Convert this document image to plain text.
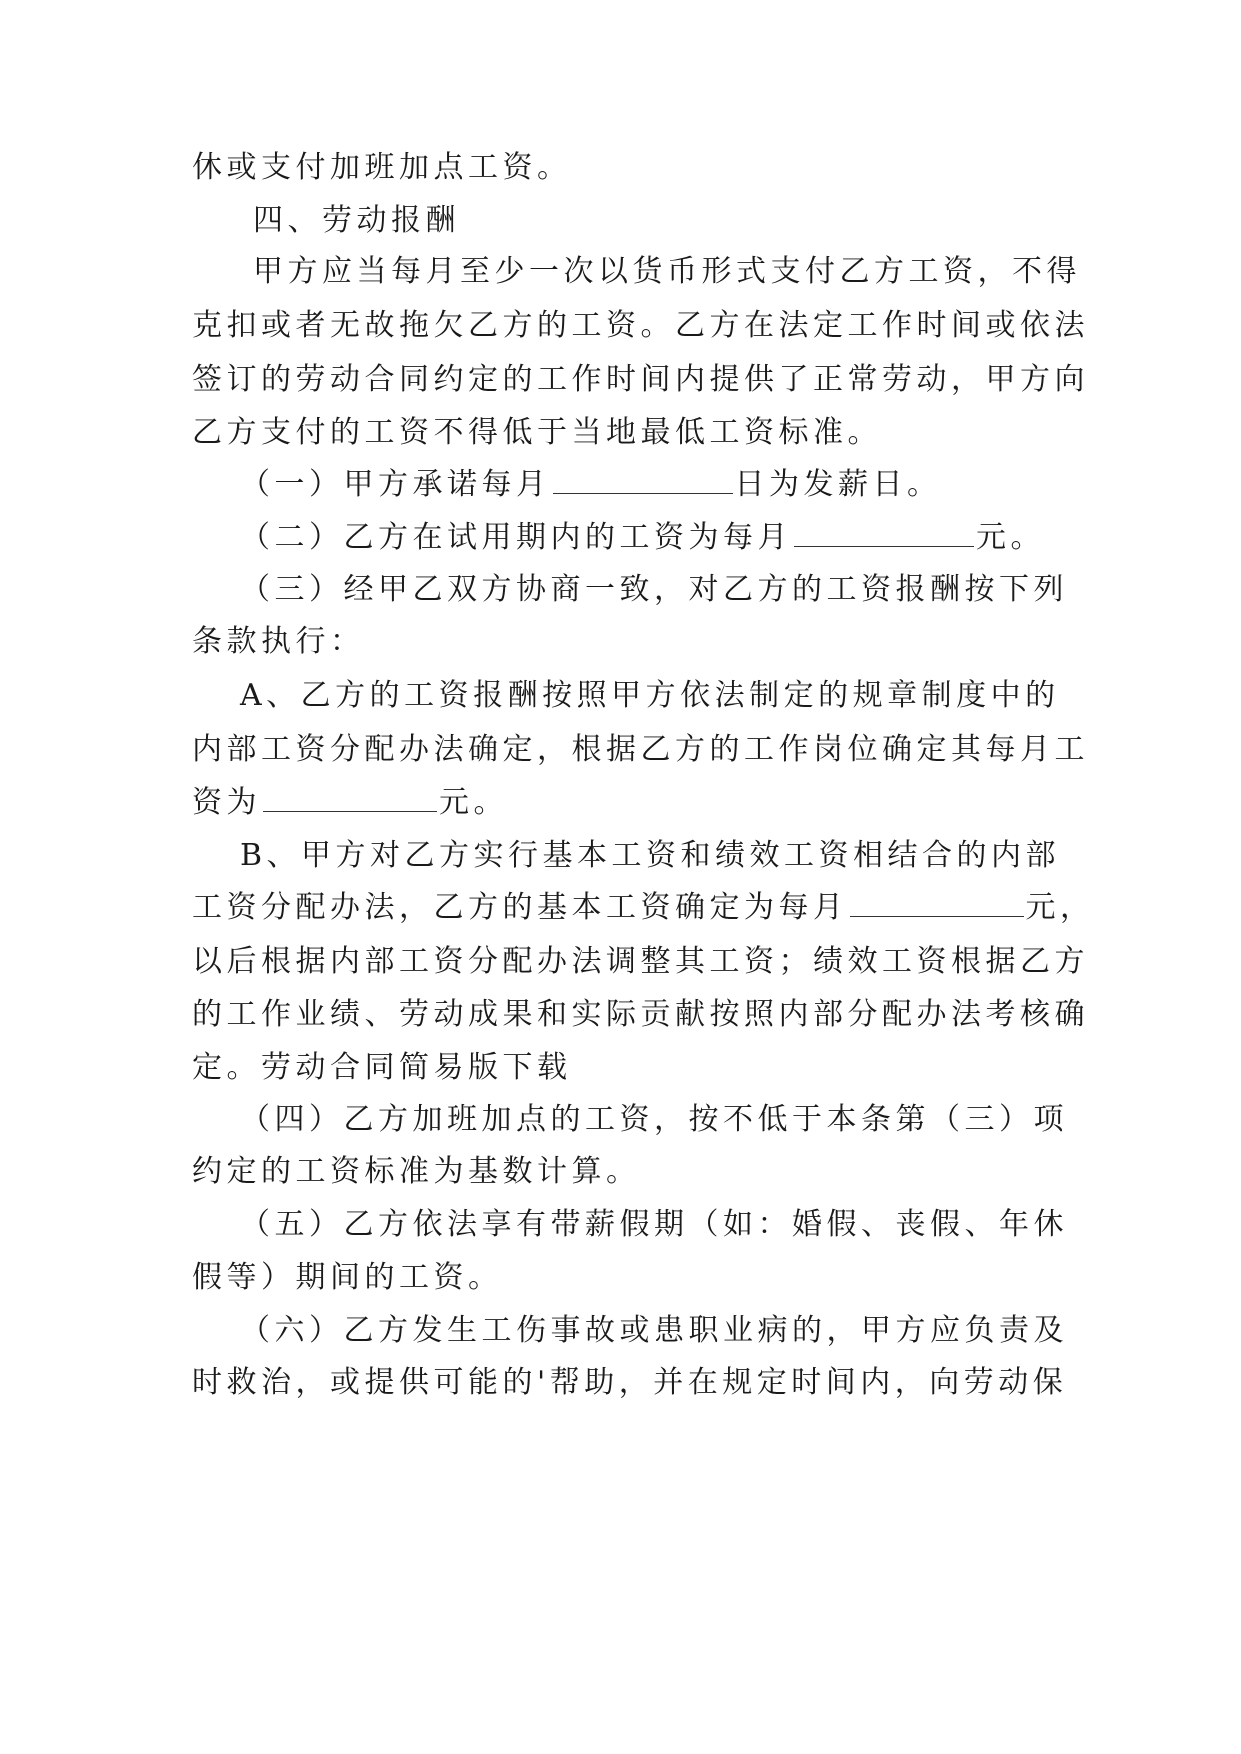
休或支付加班加点工资。
四、劳动报酬
甲方应当每月至少一次以货币形式支付乙方工资，不得
克扣或者无故拖欠乙方的工资。乙方在法定工作时间或依法
签订的劳动合同约定的工作时间内提供了正常劳动，甲方向
乙方支付的工资不得低于当地最低工资标准。
（一）甲方承诺每月	日为发薪日。
（二）乙方在试用期内的工资为每月	元。
（三）经甲乙双方协商一致，对乙方的工资报酬按下列
条款执行：
A、乙方的工资报酬按照甲方依法制定的规章制度中的
内部工资分配办法确定，根据乙方的工作岗位确定其每月工
资为	元。
B、甲方对乙方实行基本工资和绩效工资相结合的内部
工资分配办法，乙方的基本工资确定为每月	元，
以后根据内部工资分配办法调整其工资；绩效工资根据乙方
的工作业绩、劳动成果和实际贡献按照内部分配办法考核确
定。劳动合同简易版下载
（四）乙方加班加点的工资，按不低于本条第（三）项
约定的工资标准为基数计算。
（五）乙方依法享有带薪假期（如：婚假、丧假、年休
假等）期间的工资。
（六）乙方发生工伤事故或患职业病的，甲方应负责及
时救治，或提供可能的'帮助，并在规定时间内，向劳动保
